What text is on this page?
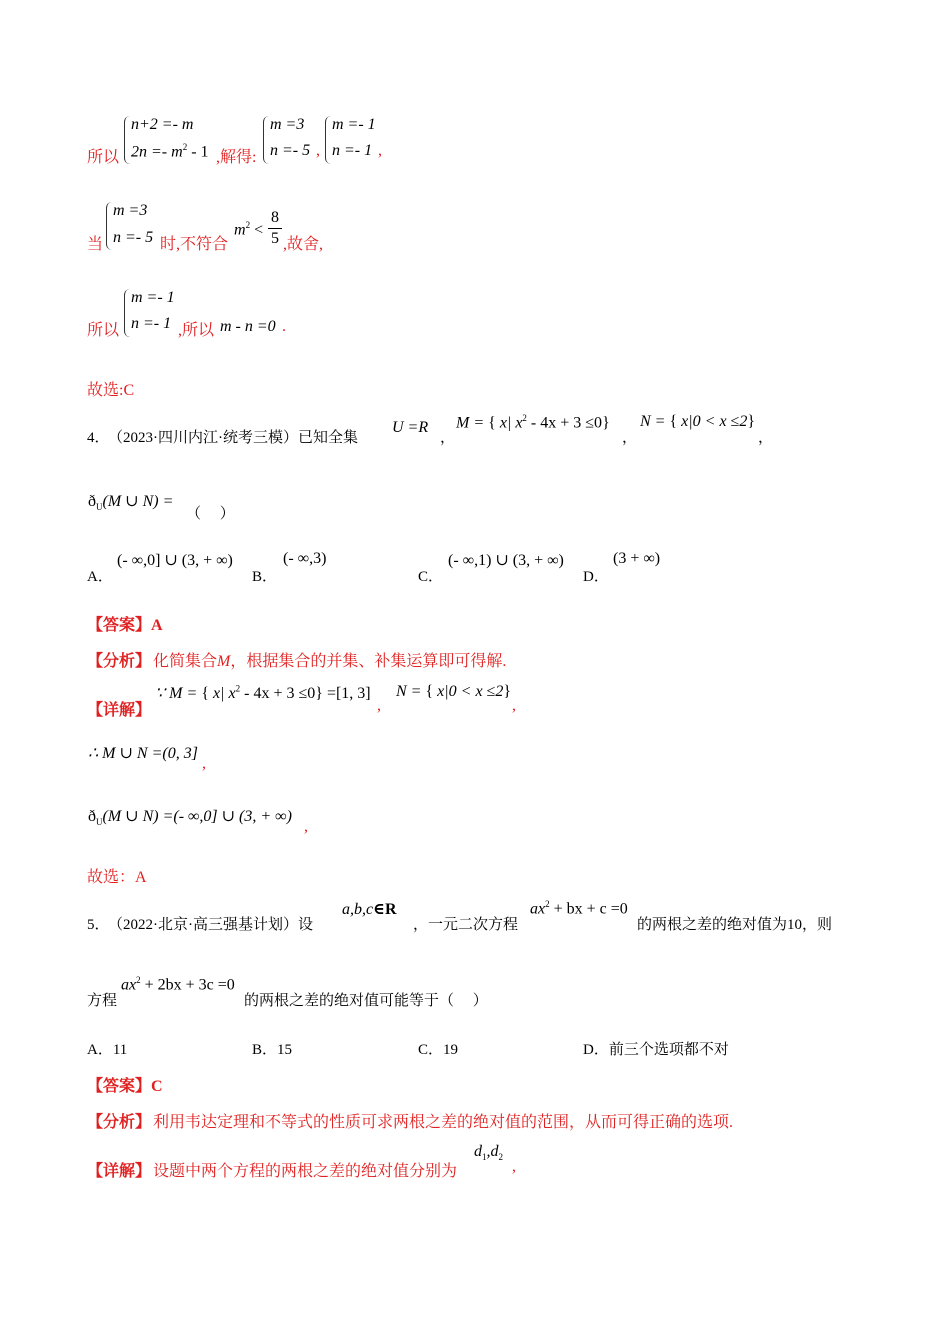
所以
n+2 =- m
$2n =- m^2 - 1$ ,解得:
m =3
n =- 5 ,
m =- 1
n =- 1 ,
当
m =3
n =- 5 时,不符合
$m^2$ <
8
5 ,故舍,
所以
m =- 1
n =- 1 ,所以 m - n =0 .
故选:C
4．
（2023·四川内江·统考三模）已知全集
U =R
，
M = { x| $x^2 - 4x + 3 \le 0$}
，
N = { x|0 < x ≤2}
，
$ð_U(M$ ∪ N) =
（　 ）
A．
(- ∞,0] ∪ (3, + ∞)
B．
(- ∞,3)
C．
(- ∞,1) ∪ (3, + ∞)
D．
(3 + ∞)
【答案】A
【分析】 化简集合M，根据集合的并集、补集运算即可得解.
【详解】
∵ M = { x| $x^2 - 4x + 3 \le 0\} =[1$, 3]
,
N = { x|0 < x ≤2}
,
∴ M ∪ N =(0, 3]
,
$ð_U(M$ ∪ N) =(- ∞,0] ∪ (3, + ∞)
,
故选：A
5．
（2022·北京·高三强基计划）设
a,b,c∈R
，一元二次方程
$ax^2$ + bx + c =0
的两根之差的绝对值为10，则
方程
$ax^2 + 2bx + 3c =0$
的两根之差的绝对值可能等于（　 ）
A．11	B．15	C．19	D．前三个选项都不对
【答案】C
【分析】 利用韦达定理和不等式的性质可求两根之差的绝对值的范围，从而可得正确的选项.
【详解】 设题中两个方程的两根之差的绝对值分别为
$d_1,d_2$
,
